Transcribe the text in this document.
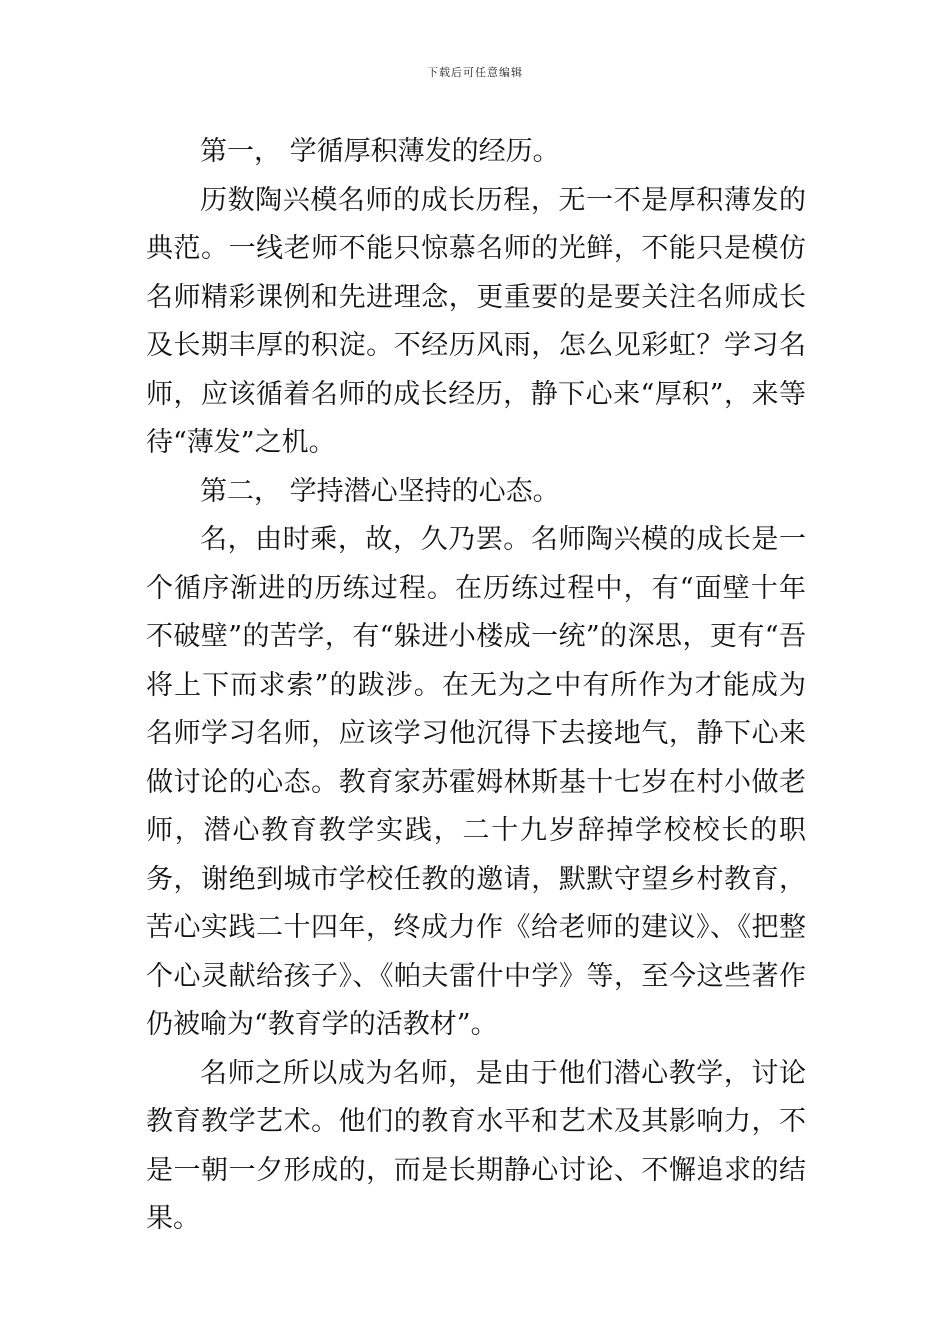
下载后可任意编辑

第一， 学循厚积薄发的经历。

历数陶兴模名师的成长历程，无一不是厚积薄发的典范。一线老师不能只惊慕名师的光鲜，不能只是模仿名师精彩课例和先进理念，更重要的是要关注名师成长及长期丰厚的积淀。不经历风雨，怎么见彩虹？学习名师，应该循着名师的成长经历，静下心来“厚积”，来等待“薄发”之机。

第二， 学持潜心坚持的心态。

名，由时乘，故，久乃罢。名师陶兴模的成长是一个循序渐进的历练过程。在历练过程中，有“面壁十年不破壁”的苦学，有“躲进小楼成一统”的深思，更有“吾将上下而求索”的跋涉。在无为之中有所作为才能成为名师学习名师，应该学习他沉得下去接地气，静下心来做讨论的心态。教育家苏霍姆林斯基十七岁在村小做老师，潜心教育教学实践，二十九岁辞掉学校校长的职务，谢绝到城市学校任教的邀请，默默守望乡村教育，苦心实践二十四年，终成力作《给老师的建议》、《把整个心灵献给孩子》、《帕夫雷什中学》等，至今这些著作仍被喻为“教育学的活教材”。

名师之所以成为名师，是由于他们潜心教学，讨论教育教学艺术。他们的教育水平和艺术及其影响力，不是一朝一夕形成的，而是长期静心讨论、不懈追求的结果。
